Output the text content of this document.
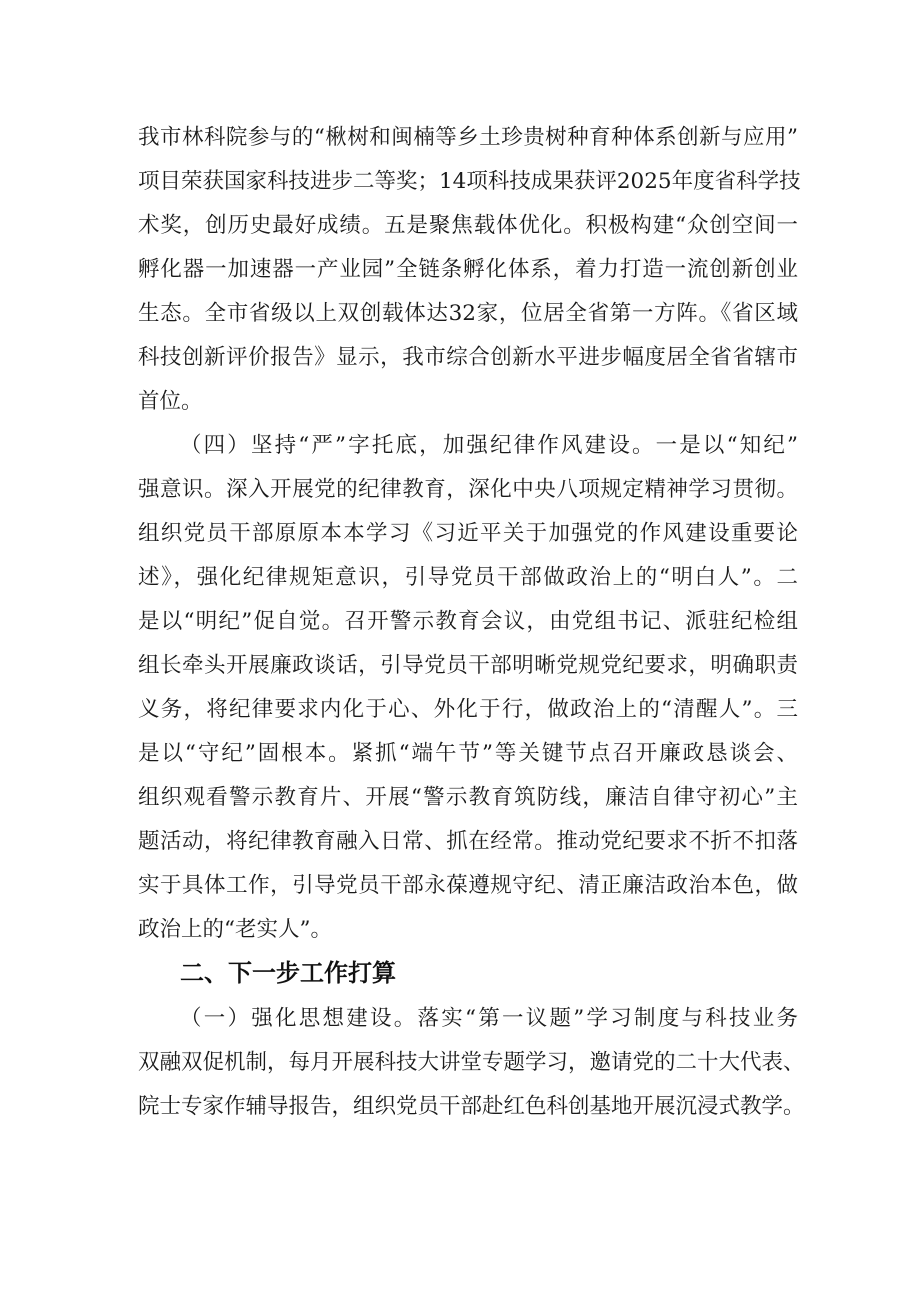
我市林科院参与的“楸树和闽楠等乡土珍贵树种育种体系创新与应用”
项目荣获国家科技进步二等奖；14项科技成果获评2025年度省科学技
术奖，创历史最好成绩。五是聚焦载体优化。积极构建“众创空间一
孵化器一加速器一产业园”全链条孵化体系，着力打造一流创新创业
生态。全市省级以上双创载体达32家，位居全省第一方阵。《省区域
科技创新评价报告》显示，我市综合创新水平进步幅度居全省省辖市
首位。
（四）坚持“严”字托底，加强纪律作风建设。一是以“知纪”
强意识。深入开展党的纪律教育，深化中央八项规定精神学习贯彻。
组织党员干部原原本本学习《习近平关于加强党的作风建设重要论
述》，强化纪律规矩意识，引导党员干部做政治上的“明白人”。二
是以“明纪”促自觉。召开警示教育会议，由党组书记、派驻纪检组
组长牵头开展廉政谈话，引导党员干部明晰党规党纪要求，明确职责
义务，将纪律要求内化于心、外化于行，做政治上的“清醒人”。三
是以“守纪”固根本。紧抓“端午节”等关键节点召开廉政恳谈会、
组织观看警示教育片、开展“警示教育筑防线，廉洁自律守初心”主
题活动，将纪律教育融入日常、抓在经常。推动党纪要求不折不扣落
实于具体工作，引导党员干部永葆遵规守纪、清正廉洁政治本色，做
政治上的“老实人”。
二、下一步工作打算
（一）强化思想建设。落实“第一议题”学习制度与科技业务
双融双促机制，每月开展科技大讲堂专题学习，邀请党的二十大代表、
院士专家作辅导报告，组织党员干部赴红色科创基地开展沉浸式教学。
